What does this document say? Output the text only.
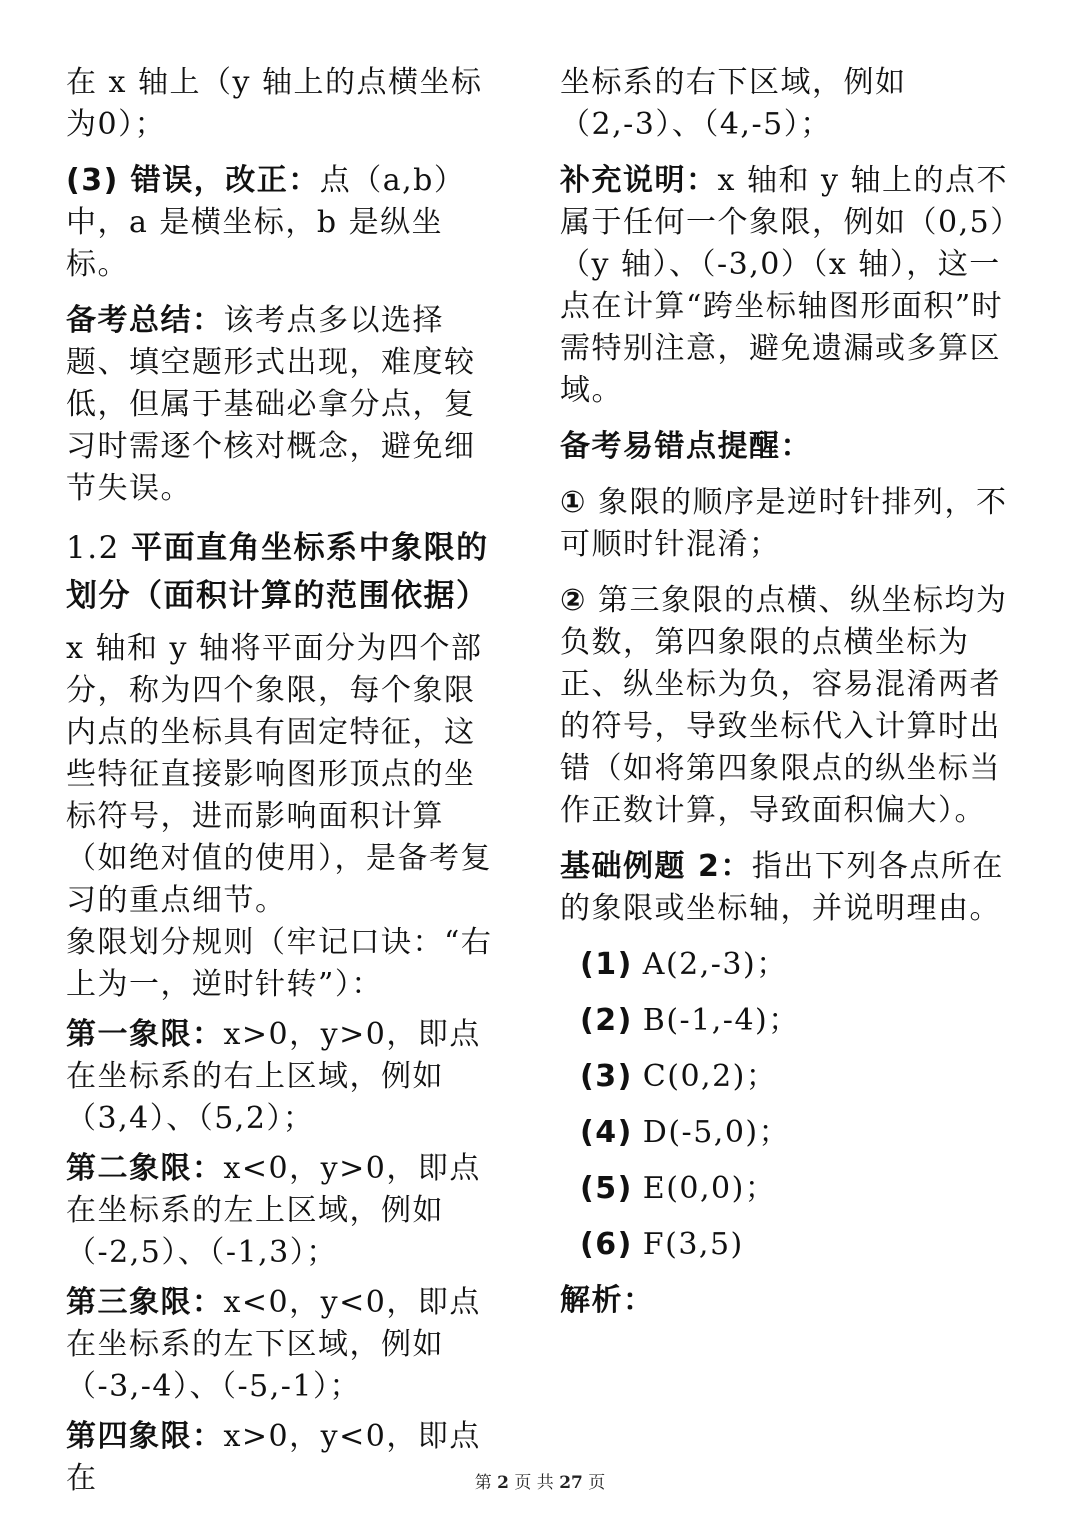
在 x 轴上（y 轴上的点横坐标为0）；

(3) 错误，改正：点（a,b）中，a 是横坐标，b 是纵坐标。

备考总结：该考点多以选择题、填空题形式出现，难度较低，但属于基础必拿分点，复习时需逐个核对概念，避免细节失误。

1.2 平面直角坐标系中象限的划分（面积计算的范围依据）

x 轴和 y 轴将平面分为四个部分，称为四个象限，每个象限内点的坐标具有固定特征，这些特征直接影响图形顶点的坐标符号，进而影响面积计算（如绝对值的使用），是备考复习的重点细节。

象限划分规则（牢记口诀：“右上为一，逆时针转”）：

第一象限：x>0，y>0，即点在坐标系的右上区域，例如（3,4）、（5,2）；

第二象限：x<0，y>0，即点在坐标系的左上区域，例如（-2,5）、（-1,3）；

第三象限：x<0，y<0，即点在坐标系的左下区域，例如（-3,-4）、（-5,-1）；

第四象限：x>0，y<0，即点在

坐标系的右下区域，例如（2,-3）、（4,-5）；

补充说明：x 轴和 y 轴上的点不属于任何一个象限，例如（0,5）（y 轴）、（-3,0）（x 轴），这一点在计算“跨坐标轴图形面积”时需特别注意，避免遗漏或多算区域。

备考易错点提醒：

① 象限的顺序是逆时针排列，不可顺时针混淆；

② 第三象限的点横、纵坐标均为负数，第四象限的点横坐标为正、纵坐标为负，容易混淆两者的符号，导致坐标代入计算时出错（如将第四象限点的纵坐标当作正数计算，导致面积偏大）。

基础例题 2：指出下列各点所在的象限或坐标轴，并说明理由。

(1) A(2,-3)；

(2) B(-1,-4)；

(3) C(0,2)；

(4) D(-5,0)；

(5) E(0,0)；

(6) F(3,5)

解析：

第 2 页 共 27 页
